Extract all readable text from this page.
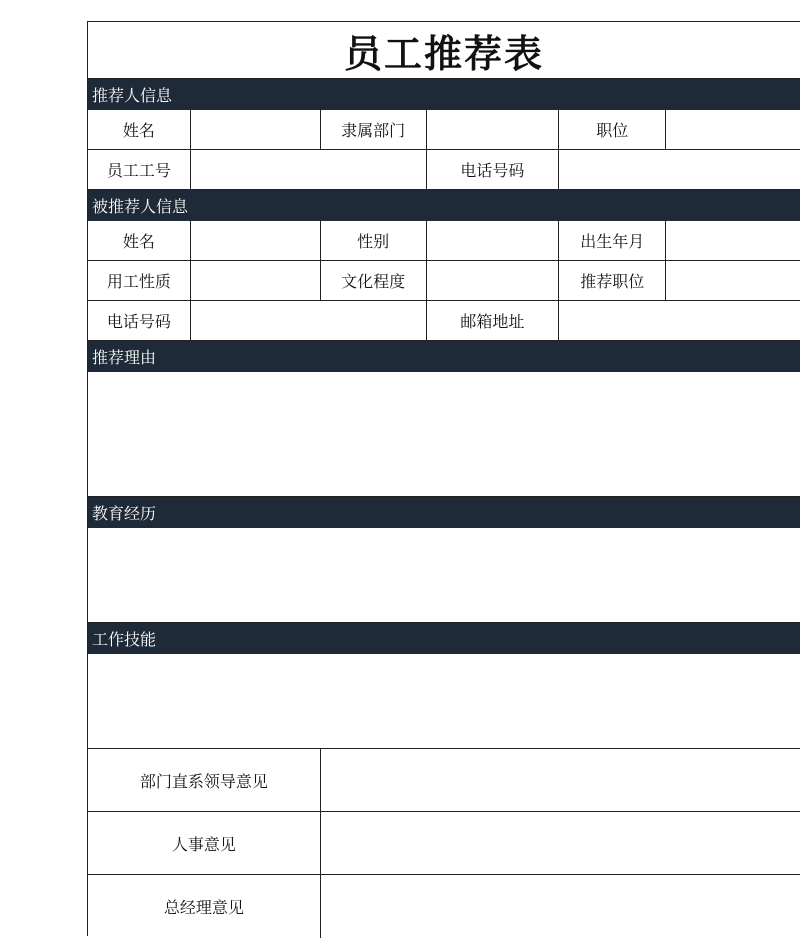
员工推荐表
推荐人信息
姓名	隶属部门	职位
员工工号	电话号码
被推荐人信息
姓名	性别	出生年月
用工性质	文化程度	推荐职位
电话号码	邮箱地址
推荐理由
教育经历
工作技能
部门直系领导意见
人事意见
总经理意见
